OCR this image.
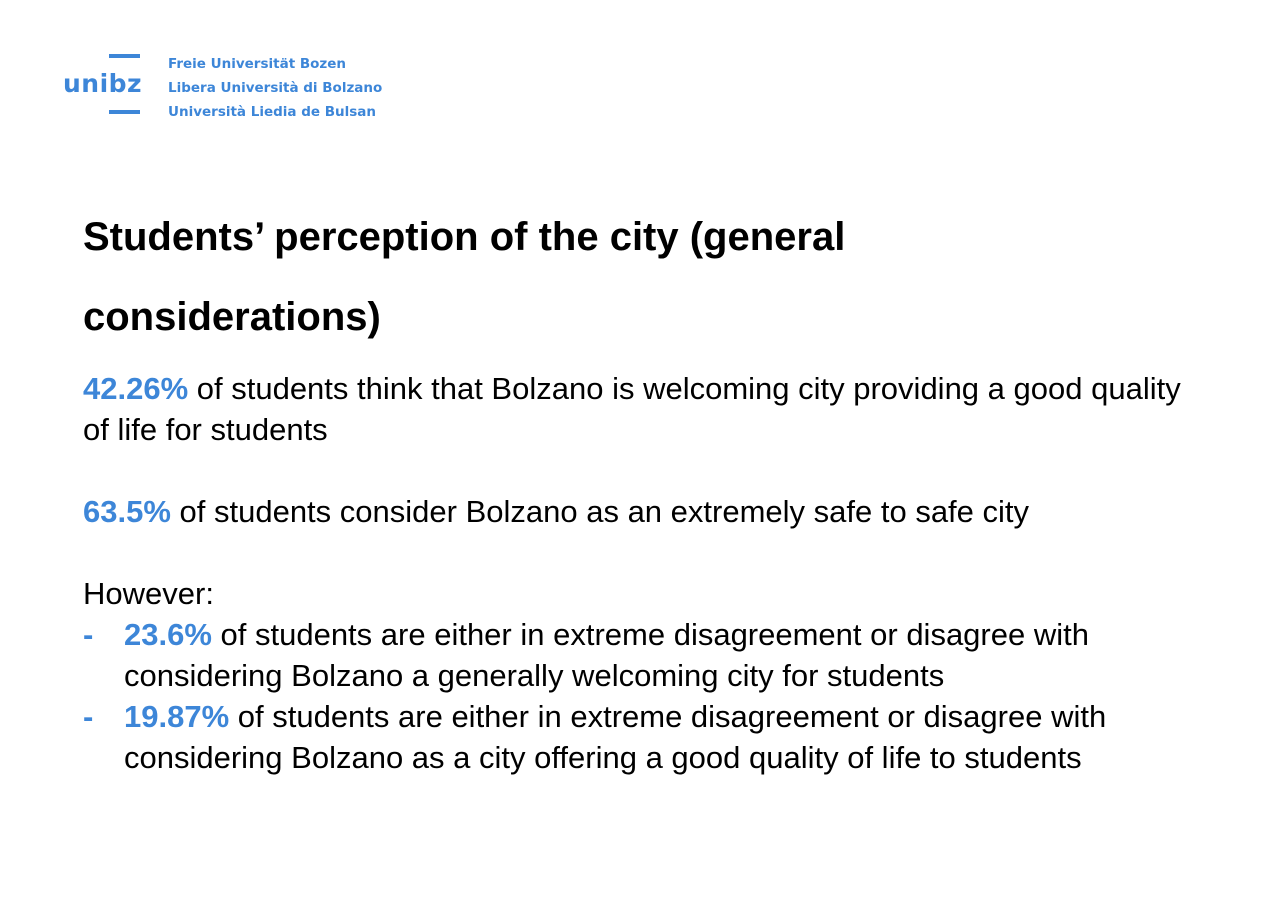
unibz
Freie Universität Bozen
Libera Università di Bolzano
Università Liedia de Bulsan
Students’ perception of the city (general
considerations)

42.26% of students think that Bolzano is welcoming city providing a good quality of life for students

63.5% of students consider Bolzano as an extremely safe to safe city

However:

- 23.6% of students are either in extreme disagreement or disagree with considering Bolzano a generally welcoming city for students

- 19.87% of students are either in extreme disagreement or disagree with considering Bolzano as a city offering a good quality of life to students
